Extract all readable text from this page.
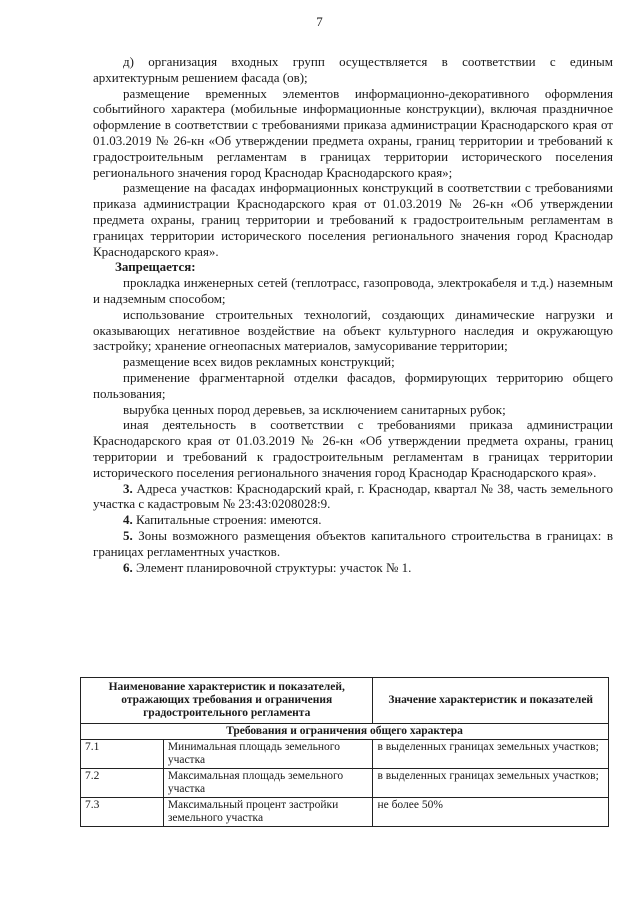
7

д) организация входных групп осуществляется в соответствии с единым архитектурным решением фасада (ов);

размещение временных элементов информационно-декоративного оформления событийного характера (мобильные информационные конструкции), включая праздничное оформление в соответствии с требованиями приказа администрации Краснодарского края от 01.03.2019 № 26-кн «Об утверждении предмета охраны, границ территории и требований к градостроительным регламентам в границах территории исторического поселения регионального значения город Краснодар Краснодарского края»;

размещение на фасадах информационных конструкций в соответствии с требованиями приказа администрации Краснодарского края от 01.03.2019 № 26-кн «Об утверждении предмета охраны, границ территории и требований к градостроительным регламентам в границах территории исторического поселения регионального значения город Краснодар Краснодарского края».

Запрещается:

прокладка инженерных сетей (теплотрасс, газопровода, электрокабеля и т.д.) наземным и надземным способом;

использование строительных технологий, создающих динамические нагрузки и оказывающих негативное воздействие на объект культурного наследия и окружающую застройку; хранение огнеопасных материалов, замусоривание территории;

размещение всех видов рекламных конструкций;

применение фрагментарной отделки фасадов, формирующих территорию общего пользования;

вырубка ценных пород деревьев, за исключением санитарных рубок;

иная деятельность в соответствии с требованиями приказа администрации Краснодарского края от 01.03.2019 № 26-кн «Об утверждении предмета охраны, границ территории и требований к градостроительным регламентам в границах территории исторического поселения регионального значения город Краснодар Краснодарского края».

3. Адреса участков: Краснодарский край, г. Краснодар, квартал № 38, часть земельного участка с кадастровым № 23:43:0208028:9.

4. Капитальные строения: имеются.

5. Зоны возможного размещения объектов капитального строительства в границах: в границах регламентных участков.

6. Элемент планировочной структуры: участок № 1.

Наименование характеристик и показателей, отражающих требования и ограничения градостроительного регламента		Значение характеристик и показателей
Требования и ограничения общего характера		
7.1	Минимальная площадь земельного участка	в выделенных границах земельных участков;
7.2	Максимальная площадь земельного участка	в выделенных границах земельных участков;
7.3	Максимальный процент застройки земельного участка	не более 50%
